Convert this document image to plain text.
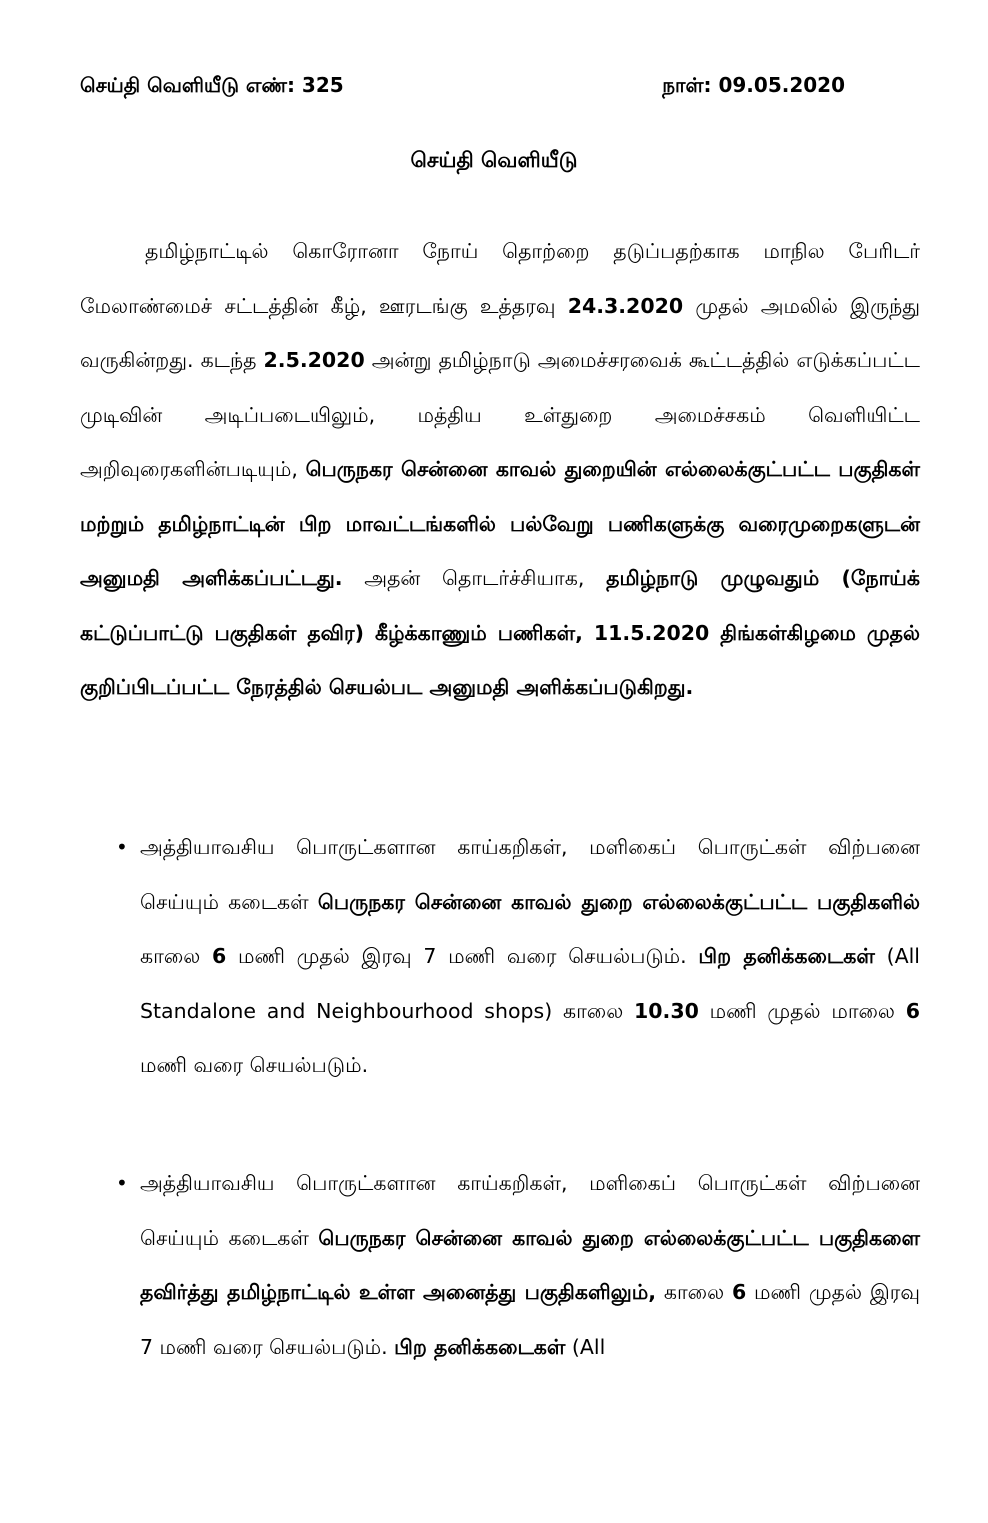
செய்தி வெளியீடு எண்: 325	நாள்: 09.05.2020
செய்தி வெளியீடு

தமிழ்நாட்டில் கொரோனா நோய் தொற்றை தடுப்பதற்காக மாநில பேரிடர் மேலாண்மைச் சட்டத்தின் கீழ், ஊரடங்கு உத்தரவு 24.3.2020 முதல் அமலில் இருந்து வருகின்றது. கடந்த 2.5.2020 அன்று தமிழ்நாடு அமைச்சரவைக் கூட்டத்தில் எடுக்கப்பட்ட முடிவின் அடிப்படையிலும், மத்திய உள்துறை அமைச்சகம் வெளியிட்ட அறிவுரைகளின்படியும், பெருநகர சென்னை காவல் துறையின் எல்லைக்குட்பட்ட பகுதிகள் மற்றும் தமிழ்நாட்டின் பிற மாவட்டங்களில் பல்வேறு பணிகளுக்கு வரைமுறைகளுடன் அனுமதி அளிக்கப்பட்டது. அதன் தொடர்ச்சியாக, தமிழ்நாடு முழுவதும் (நோய்க் கட்டுப்பாட்டு பகுதிகள் தவிர) கீழ்க்காணும் பணிகள், 11.5.2020 திங்கள்கிழமை முதல் குறிப்பிடப்பட்ட நேரத்தில் செயல்பட அனுமதி அளிக்கப்படுகிறது.

• அத்தியாவசிய பொருட்களான காய்கறிகள், மளிகைப் பொருட்கள் விற்பனை செய்யும் கடைகள் பெருநகர சென்னை காவல் துறை எல்லைக்குட்பட்ட பகுதிகளில் காலை 6 மணி முதல் இரவு 7 மணி வரை செயல்படும். பிற தனிக்கடைகள் (All Standalone and Neighbourhood shops) காலை 10.30 மணி முதல் மாலை 6 மணி வரை செயல்படும்.
• அத்தியாவசிய பொருட்களான காய்கறிகள், மளிகைப் பொருட்கள் விற்பனை செய்யும் கடைகள் பெருநகர சென்னை காவல் துறை எல்லைக்குட்பட்ட பகுதிகளை தவிர்த்து தமிழ்நாட்டில் உள்ள அனைத்து பகுதிகளிலும், காலை 6 மணி முதல் இரவு 7 மணி வரை செயல்படும். பிற தனிக்கடைகள் (All
